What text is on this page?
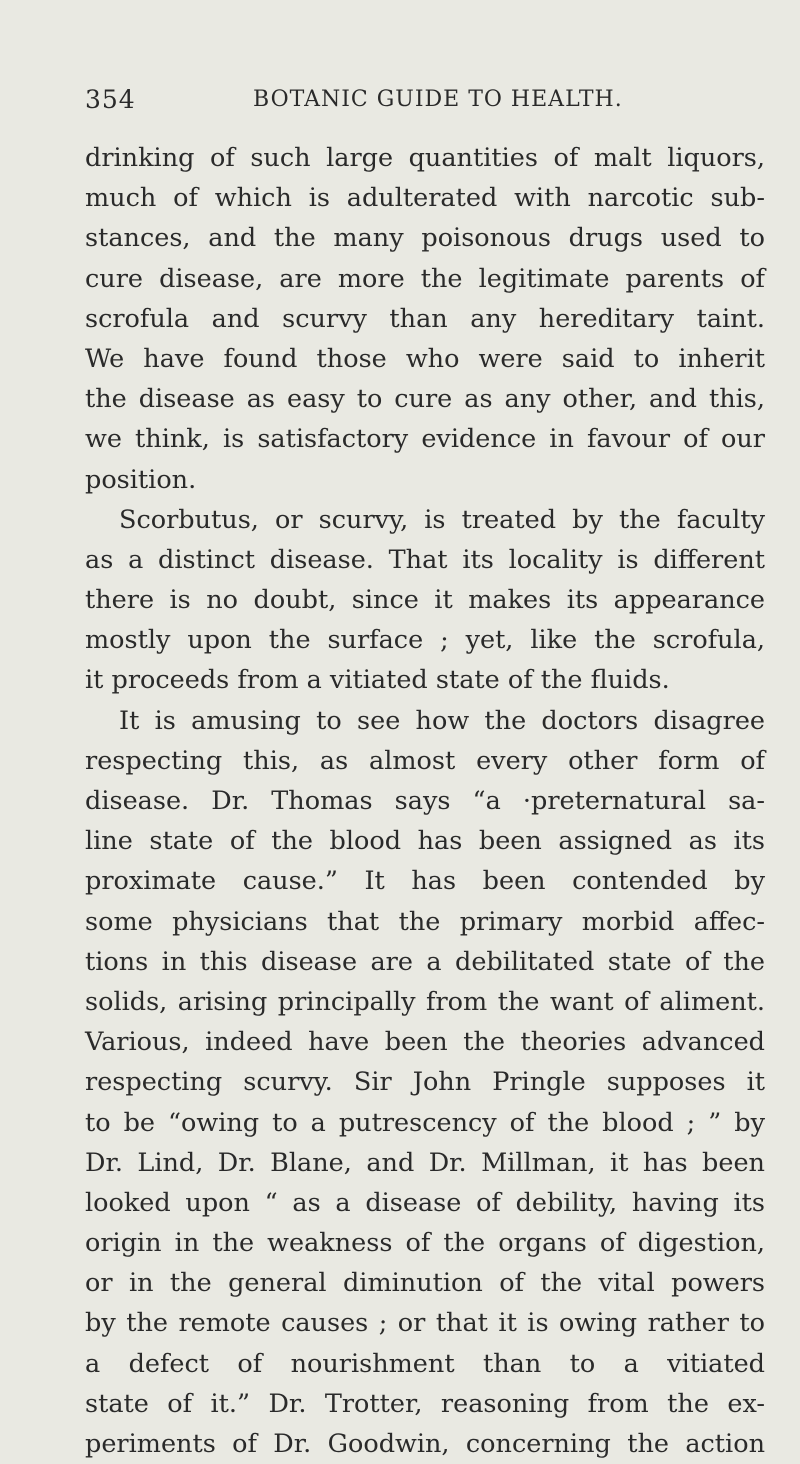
354	BOTANIC GUIDE TO HEALTH.
drinking of such large quantities of malt liquors,
much of which is adulterated with narcotic sub-
stances, and the many poisonous drugs used to
cure disease, are more the legitimate parents of
scrofula and scurvy than any hereditary taint.
We have found those who were said to inherit
the disease as easy to cure as any other, and this,
we think, is satisfactory evidence in favour of our
position.
Scorbutus, or scurvy, is treated by the faculty
as a distinct disease. That its locality is different
there is no doubt, since it makes its appearance
mostly upon the surface ; yet, like the scrofula,
it proceeds from a vitiated state of the fluids.
It is amusing to see how the doctors disagree
respecting this, as almost every other form of
disease. Dr. Thomas says “a ·preternatural sa-
line state of the blood has been assigned as its
proximate cause.” It has been contended by
some physicians that the primary morbid affec-
tions in this disease are a debilitated state of the
solids, arising principally from the want of aliment.
Various, indeed have been the theories advanced
respecting scurvy. Sir John Pringle supposes it
to be “owing to a putrescency of the blood ; ” by
Dr. Lind, Dr. Blane, and Dr. Millman, it has been
looked upon “ as a disease of debility, having its
origin in the weakness of the organs of digestion,
or in the general diminution of the vital powers
by the remote causes ; or that it is owing rather to
a defect of nourishment than to a vitiated
state of it.” Dr. Trotter, reasoning from the ex-
periments of Dr. Goodwin, concerning the action
